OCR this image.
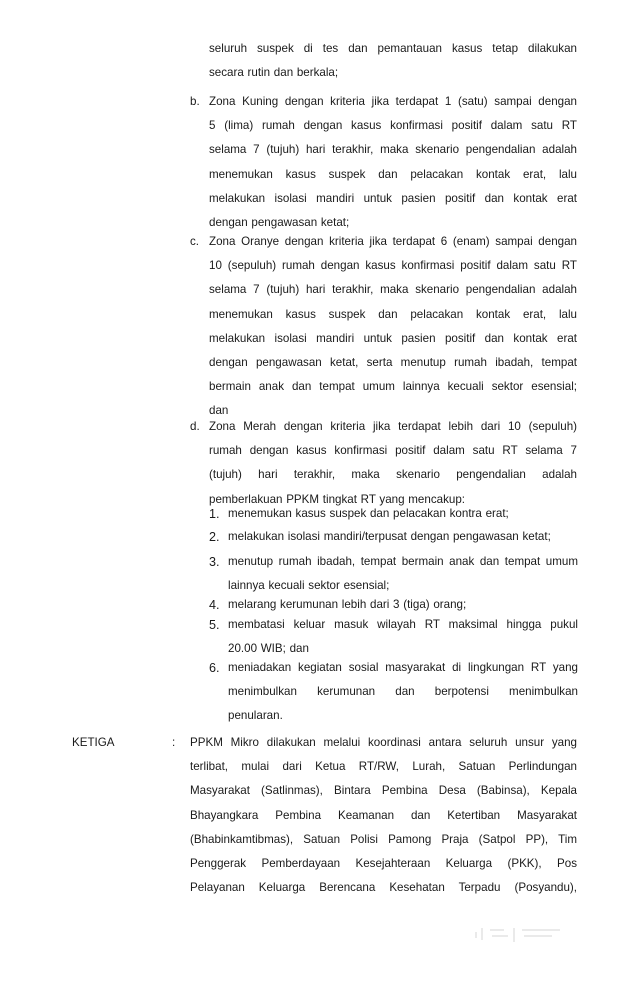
seluruh suspek di tes dan pemantauan kasus tetap dilakukan
secara rutin dan berkala;
b. Zona Kuning dengan kriteria jika terdapat 1 (satu) sampai dengan
5 (lima) rumah dengan kasus konfirmasi positif dalam satu RT
selama 7 (tujuh) hari terakhir, maka skenario pengendalian adalah
menemukan kasus suspek dan pelacakan kontak erat, lalu
melakukan isolasi mandiri untuk pasien positif dan kontak erat
dengan pengawasan ketat;
c. Zona Oranye dengan kriteria jika terdapat 6 (enam) sampai dengan
10 (sepuluh) rumah dengan kasus konfirmasi positif dalam satu RT
selama 7 (tujuh) hari terakhir, maka skenario pengendalian adalah
menemukan kasus suspek dan pelacakan kontak erat, lalu
melakukan isolasi mandiri untuk pasien positif dan kontak erat
dengan pengawasan ketat, serta menutup rumah ibadah, tempat
bermain anak dan tempat umum lainnya kecuali sektor esensial;
dan
d. Zona Merah dengan kriteria jika terdapat lebih dari 10 (sepuluh)
rumah dengan kasus konfirmasi positif dalam satu RT selama 7
(tujuh) hari terakhir, maka skenario pengendalian adalah
pemberlakuan PPKM tingkat RT yang mencakup:
1. menemukan kasus suspek dan pelacakan kontra erat;
2. melakukan isolasi mandiri/terpusat dengan pengawasan ketat;
3. menutup rumah ibadah, tempat bermain anak dan tempat umum
lainnya kecuali sektor esensial;
4. melarang kerumunan lebih dari 3 (tiga) orang;
5. membatasi keluar masuk wilayah RT maksimal hingga pukul
20.00 WIB; dan
6. meniadakan kegiatan sosial masyarakat di lingkungan RT yang
menimbulkan kerumunan dan berpotensi menimbulkan
penularan.
KETIGA	: PPKM Mikro dilakukan melalui koordinasi antara seluruh unsur yang
terlibat, mulai dari Ketua RT/RW, Lurah, Satuan Perlindungan
Masyarakat (Satlinmas), Bintara Pembina Desa (Babinsa), Kepala
Bhayangkara Pembina Keamanan dan Ketertiban Masyarakat
(Bhabinkamtibmas), Satuan Polisi Pamong Praja (Satpol PP), Tim
Penggerak Pemberdayaan Kesejahteraan Keluarga (PKK), Pos
Pelayanan Keluarga Berencana Kesehatan Terpadu (Posyandu),
